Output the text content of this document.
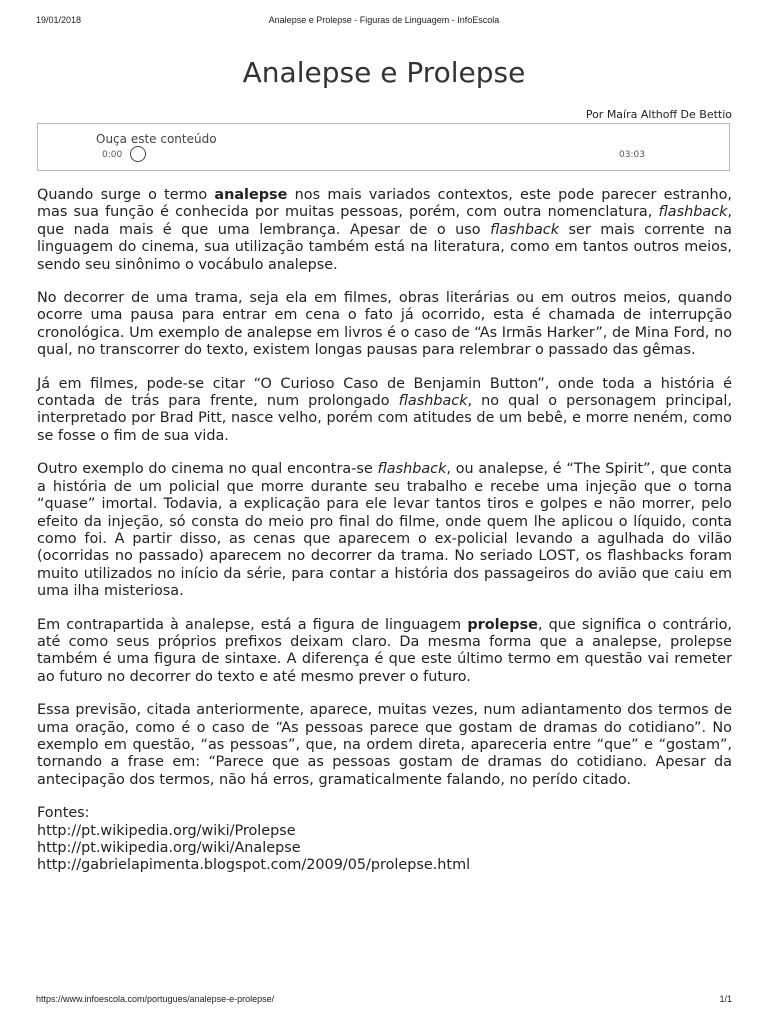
19/01/2018	Analepse e Prolepse - Figuras de Linguagem - InfoEscola
Analepse e Prolepse
Por Maíra Althoff De Bettio
Ouça este conteúdo
0:00	03:03

Quando surge o termo analepse nos mais variados contextos, este pode parecer estranho, mas sua função é conhecida por muitas pessoas, porém, com outra nomenclatura, flashback, que nada mais é que uma lembrança. Apesar de o uso flashback ser mais corrente na linguagem do cinema, sua utilização também está na literatura, como em tantos outros meios, sendo seu sinônimo o vocábulo analepse.

No decorrer de uma trama, seja ela em filmes, obras literárias ou em outros meios, quando ocorre uma pausa para entrar em cena o fato já ocorrido, esta é chamada de interrupção cronológica. Um exemplo de analepse em livros é o caso de “As Irmãs Harker”, de Mina Ford, no qual, no transcorrer do texto, existem longas pausas para relembrar o passado das gêmas.

Já em filmes, pode-se citar “O Curioso Caso de Benjamin Button”, onde toda a história é contada de trás para frente, num prolongado flashback, no qual o personagem principal, interpretado por Brad Pitt, nasce velho, porém com atitudes de um bebê, e morre neném, como se fosse o fim de sua vida.

Outro exemplo do cinema no qual encontra-se flashback, ou analepse, é “The Spirit”, que conta a história de um policial que morre durante seu trabalho e recebe uma injeção que o torna “quase” imortal. Todavia, a explicação para ele levar tantos tiros e golpes e não morrer, pelo efeito da injeção, só consta do meio pro final do filme, onde quem lhe aplicou o líquido, conta como foi. A partir disso, as cenas que aparecem o ex-policial levando a agulhada do vilão (ocorridas no passado) aparecem no decorrer da trama. No seriado LOST, os flashbacks foram muito utilizados no início da série, para contar a história dos passageiros do avião que caiu em uma ilha misteriosa.

Em contrapartida à analepse, está a figura de linguagem prolepse, que significa o contrário, até como seus próprios prefixos deixam claro. Da mesma forma que a analepse, prolepse também é uma figura de sintaxe. A diferença é que este último termo em questão vai remeter ao futuro no decorrer do texto e até mesmo prever o futuro.

Essa previsão, citada anteriormente, aparece, muitas vezes, num adiantamento dos termos de uma oração, como é o caso de “As pessoas parece que gostam de dramas do cotidiano”. No exemplo em questão, “as pessoas”, que, na ordem direta, apareceria entre “que” e “gostam”, tornando a frase em: “Parece que as pessoas gostam de dramas do cotidiano. Apesar da antecipação dos termos, não há erros, gramaticalmente falando, no perído citado.

Fontes:
http://pt.wikipedia.org/wiki/Prolepse
http://pt.wikipedia.org/wiki/Analepse
http://gabrielapimenta.blogspot.com/2009/05/prolepse.html
https://www.infoescola.com/portugues/analepse-e-prolepse/	1/1
